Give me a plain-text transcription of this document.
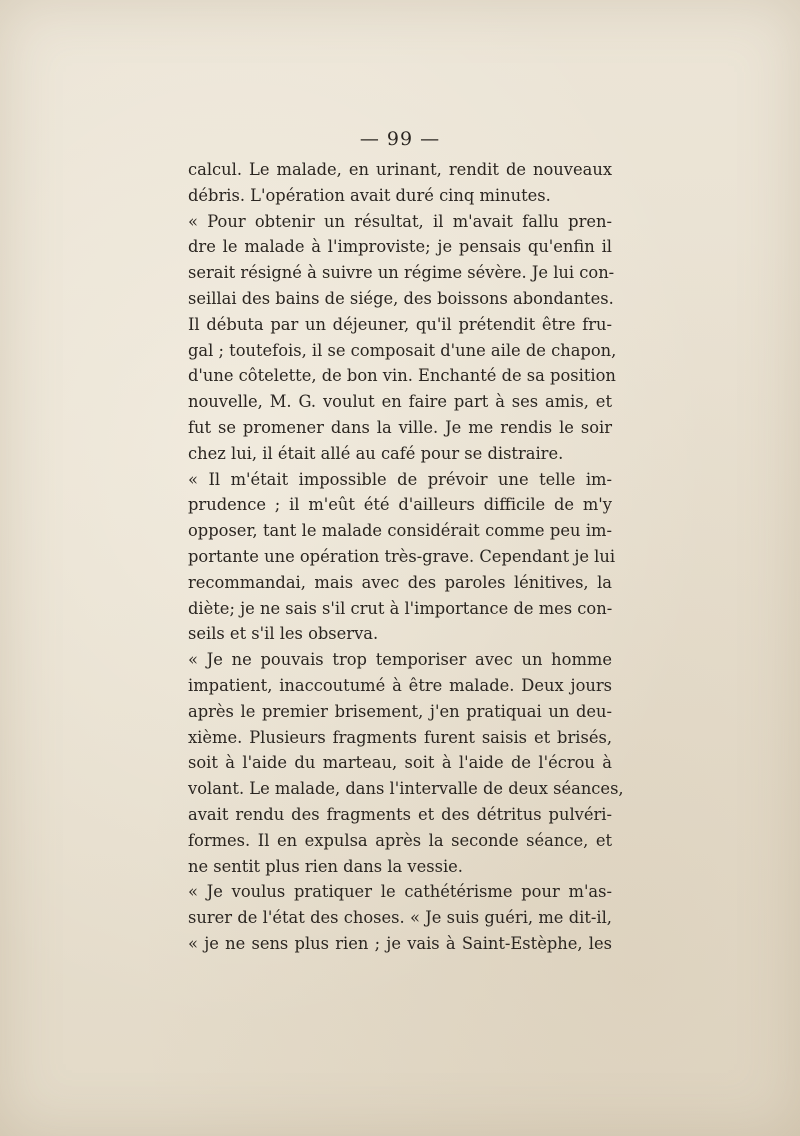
— 99 —
calcul. Le malade, en urinant, rendit de nouveaux
débris. L'opération avait duré cinq minutes.
« Pour obtenir un résultat, il m'avait fallu pren-
dre le malade à l'improviste; je pensais qu'enfin il
serait résigné à suivre un régime sévère. Je lui con-
seillai des bains de siége, des boissons abondantes.
Il débuta par un déjeuner, qu'il prétendit être fru-
gal ; toutefois, il se composait d'une aile de chapon,
d'une côtelette, de bon vin. Enchanté de sa position
nouvelle, M. G. voulut en faire part à ses amis, et
fut se promener dans la ville. Je me rendis le soir
chez lui, il était allé au café pour se distraire.
« Il m'était impossible de prévoir une telle im-
prudence ; il m'eût été d'ailleurs difficile de m'y
opposer, tant le malade considérait comme peu im-
portante une opération très-grave. Cependant je lui
recommandai, mais avec des paroles lénitives, la
diète; je ne sais s'il crut à l'importance de mes con-
seils et s'il les observa.
« Je ne pouvais trop temporiser avec un homme
impatient, inaccoutumé à être malade. Deux jours
après le premier brisement, j'en pratiquai un deu-
xième. Plusieurs fragments furent saisis et brisés,
soit à l'aide du marteau, soit à l'aide de l'écrou à
volant. Le malade, dans l'intervalle de deux séances,
avait rendu des fragments et des détritus pulvéri-
formes. Il en expulsa après la seconde séance, et
ne sentit plus rien dans la vessie.
« Je voulus pratiquer le cathétérisme pour m'as-
surer de l'état des choses. « Je suis guéri, me dit-il,
« je ne sens plus rien ; je vais à Saint-Estèphe, les
